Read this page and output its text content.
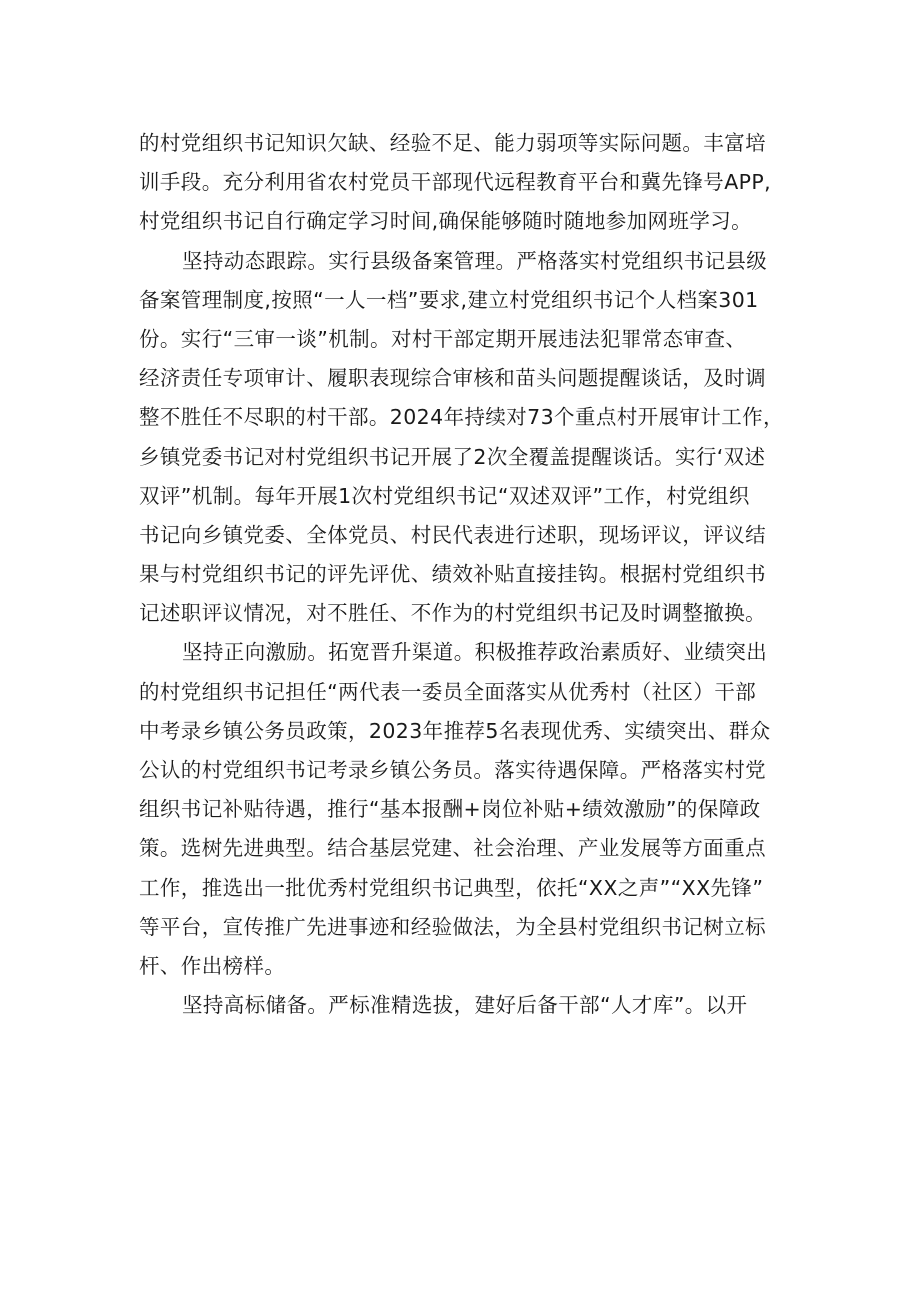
的村党组织书记知识欠缺、经验不足、能力弱项等实际问题。丰富培
训手段。充分利用省农村党员干部现代远程教育平台和冀先锋号APP,
村党组织书记自行确定学习时间,确保能够随时随地参加网班学习。
坚持动态跟踪。实行县级备案管理。严格落实村党组织书记县级
备案管理制度,按照“一人一档”要求,建立村党组织书记个人档案301
份。实行“三审一谈”机制。对村干部定期开展违法犯罪常态审查、
经济责任专项审计、履职表现综合审核和苗头问题提醒谈话，及时调
整不胜任不尽职的村干部。2024年持续对73个重点村开展审计工作，
乡镇党委书记对村党组织书记开展了2次全覆盖提醒谈话。实行‘双述
双评”机制。每年开展1次村党组织书记“双述双评”工作，村党组织
书记向乡镇党委、全体党员、村民代表进行述职，现场评议，评议结
果与村党组织书记的评先评优、绩效补贴直接挂钩。根据村党组织书
记述职评议情况，对不胜任、不作为的村党组织书记及时调整撤换。
坚持正向激励。拓宽晋升渠道。积极推荐政治素质好、业绩突出
的村党组织书记担任“两代表一委员全面落实从优秀村（社区）干部
中考录乡镇公务员政策，2023年推荐5名表现优秀、实绩突出、群众
公认的村党组织书记考录乡镇公务员。落实待遇保障。严格落实村党
组织书记补贴待遇，推行“基本报酬+岗位补贴+绩效激励”的保障政
策。选树先进典型。结合基层党建、社会治理、产业发展等方面重点
工作，推选出一批优秀村党组织书记典型，依托“XX之声”“XX先锋”
等平台，宣传推广先进事迹和经验做法，为全县村党组织书记树立标
杆、作出榜样。
坚持高标储备。严标准精选拔，建好后备干部“人才库”。以开
